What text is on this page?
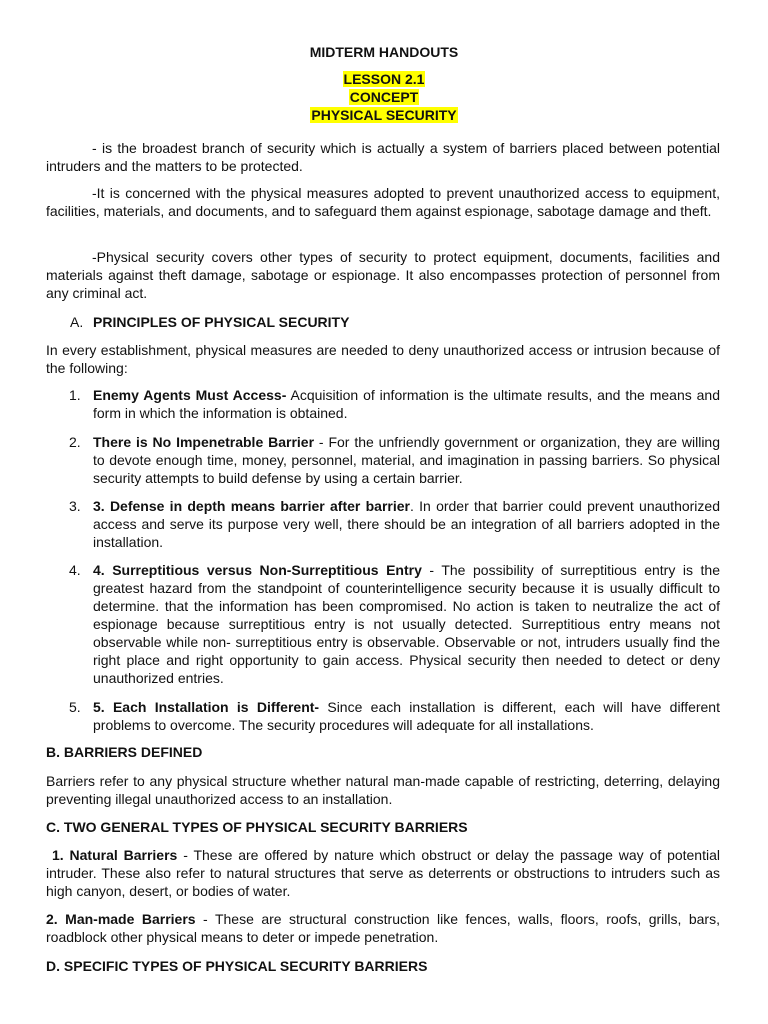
MIDTERM HANDOUTS
LESSON 2.1
CONCEPT
PHYSICAL SECURITY

- is the broadest branch of security which is actually a system of barriers placed between potential intruders and the matters to be protected.

-It is concerned with the physical measures adopted to prevent unauthorized access to equipment, facilities, materials, and documents, and to safeguard them against espionage, sabotage damage and theft.

-Physical security covers other types of security to protect equipment, documents, facilities and materials against theft damage, sabotage or espionage. It also encompasses protection of personnel from any criminal act.

A. PRINCIPLES OF PHYSICAL SECURITY

In every establishment, physical measures are needed to deny unauthorized access or intrusion because of the following:

1. Enemy Agents Must Access- Acquisition of information is the ultimate results, and the means and form in which the information is obtained.
2. There is No Impenetrable Barrier - For the unfriendly government or organization, they are willing to devote enough time, money, personnel, material, and imagination in passing barriers. So physical security attempts to build defense by using a certain barrier.
3. 3. Defense in depth means barrier after barrier. In order that barrier could prevent unauthorized access and serve its purpose very well, there should be an integration of all barriers adopted in the installation.
4. 4. Surreptitious versus Non-Surreptitious Entry - The possibility of surreptitious entry is the greatest hazard from the standpoint of counterintelligence security because it is usually difficult to determine. that the information has been compromised. No action is taken to neutralize the act of espionage because surreptitious entry is not usually detected. Surreptitious entry means not observable while non- surreptitious entry is observable. Observable or not, intruders usually find the right place and right opportunity to gain access. Physical security then needed to detect or deny unauthorized entries.
5. 5. Each Installation is Different- Since each installation is different, each will have different problems to overcome. The security procedures will adequate for all installations.
B. BARRIERS DEFINED

Barriers refer to any physical structure whether natural man-made capable of restricting, deterring, delaying preventing illegal unauthorized access to an installation.

C. TWO GENERAL TYPES OF PHYSICAL SECURITY BARRIERS

1. Natural Barriers - These are offered by nature which obstruct or delay the passage way of potential intruder. These also refer to natural structures that serve as deterrents or obstructions to intruders such as high canyon, desert, or bodies of water.

2. Man-made Barriers - These are structural construction like fences, walls, floors, roofs, grills, bars, roadblock other physical means to deter or impede penetration.

D. SPECIFIC TYPES OF PHYSICAL SECURITY BARRIERS
